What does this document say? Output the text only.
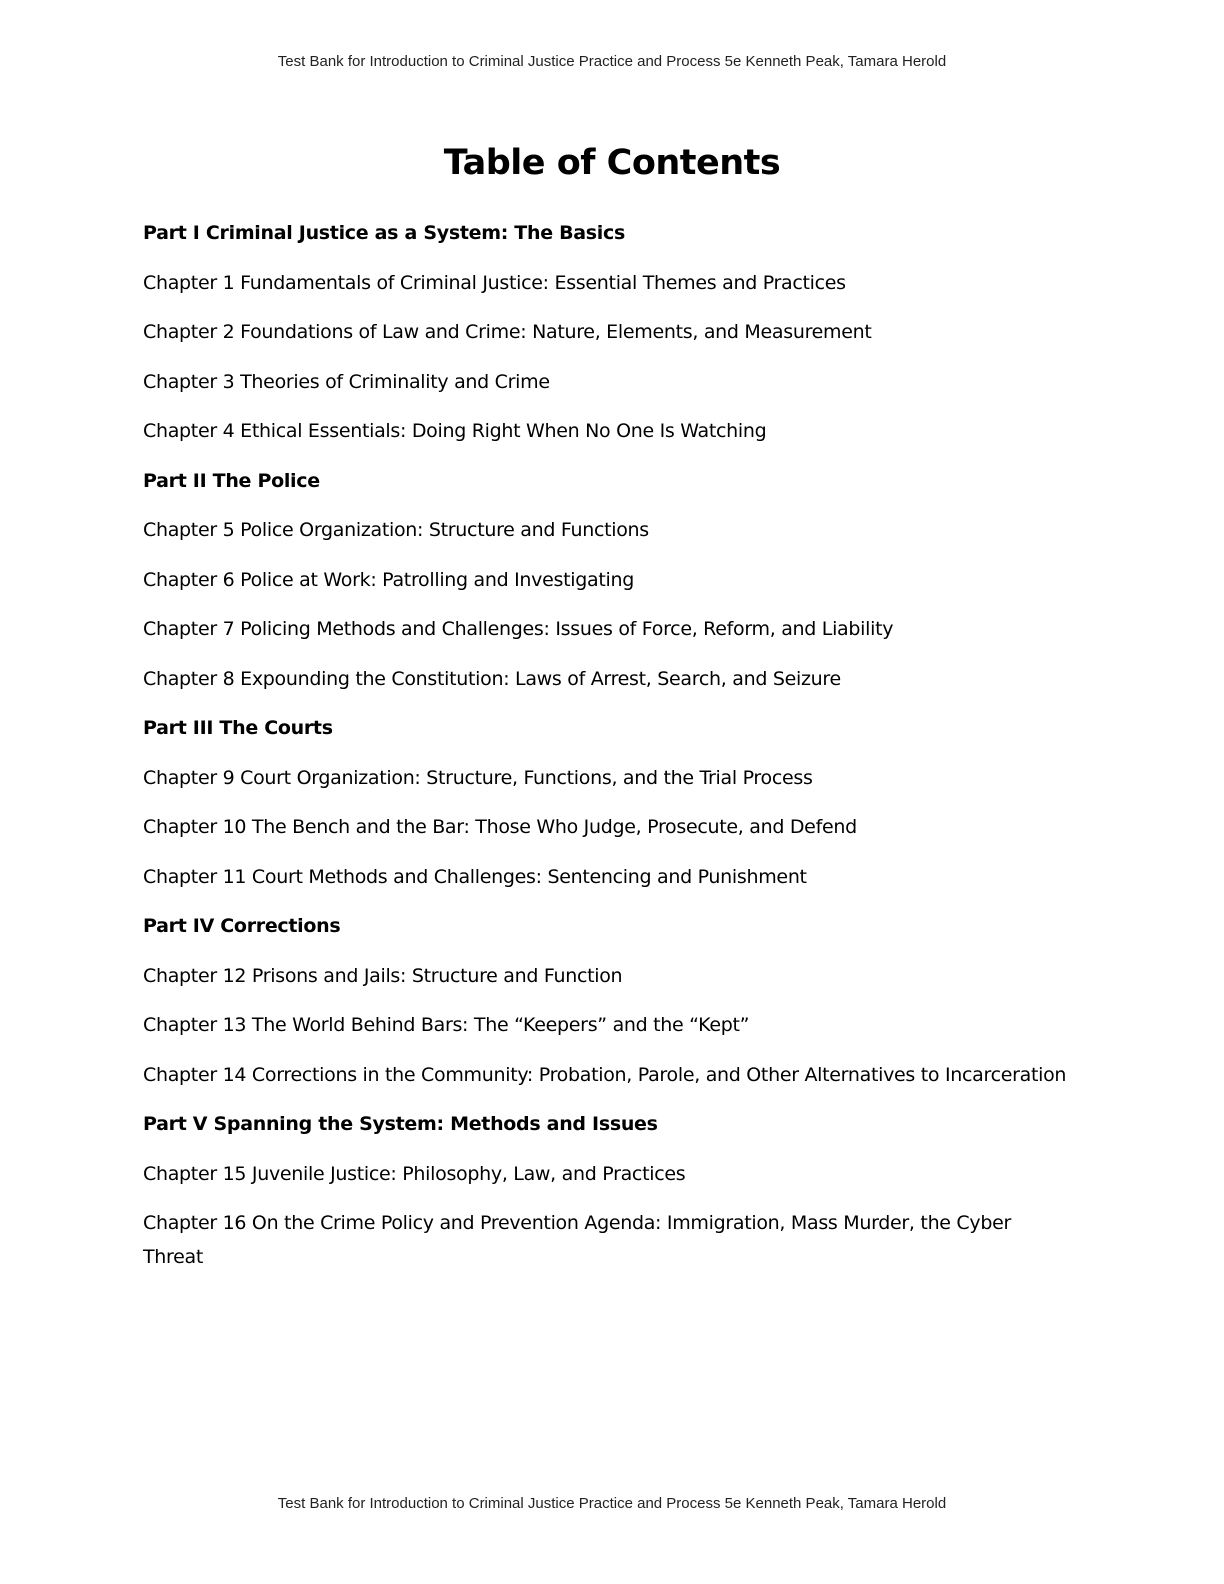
Test Bank for Introduction to Criminal Justice Practice and Process 5e Kenneth Peak, Tamara Herold
Table of Contents

Part I Criminal Justice as a System: The Basics

Chapter 1 Fundamentals of Criminal Justice: Essential Themes and Practices

Chapter 2 Foundations of Law and Crime: Nature, Elements, and Measurement

Chapter 3 Theories of Criminality and Crime

Chapter 4 Ethical Essentials: Doing Right When No One Is Watching

Part II The Police

Chapter 5 Police Organization: Structure and Functions

Chapter 6 Police at Work: Patrolling and Investigating

Chapter 7 Policing Methods and Challenges: Issues of Force, Reform, and Liability

Chapter 8 Expounding the Constitution: Laws of Arrest, Search, and Seizure

Part III The Courts

Chapter 9 Court Organization: Structure, Functions, and the Trial Process

Chapter 10 The Bench and the Bar: Those Who Judge, Prosecute, and Defend

Chapter 11 Court Methods and Challenges: Sentencing and Punishment

Part IV Corrections

Chapter 12 Prisons and Jails: Structure and Function

Chapter 13 The World Behind Bars: The “Keepers” and the “Kept”

Chapter 14 Corrections in the Community: Probation, Parole, and Other Alternatives to Incarceration

Part V Spanning the System: Methods and Issues

Chapter 15 Juvenile Justice: Philosophy, Law, and Practices

Chapter 16 On the Crime Policy and Prevention Agenda: Immigration, Mass Murder, the Cyber Threat

Test Bank for Introduction to Criminal Justice Practice and Process 5e Kenneth Peak, Tamara Herold
